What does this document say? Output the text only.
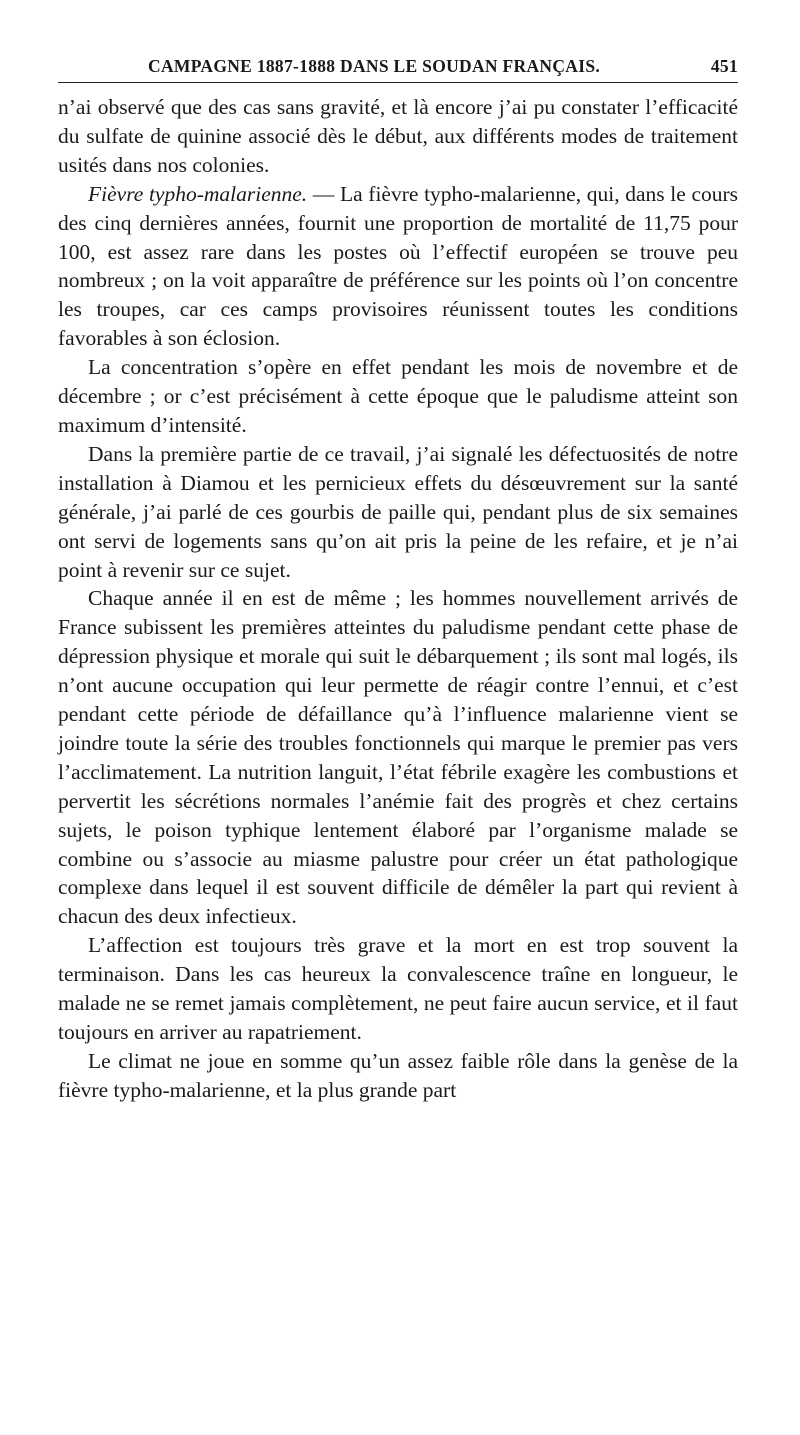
CAMPAGNE 1887-1888 DANS LE SOUDAN FRANÇAIS.	451

n’ai observé que des cas sans gravité, et là encore j’ai pu constater l’efficacité du sulfate de quinine associé dès le début, aux différents modes de traitement usités dans nos colonies.

Fièvre typho-malarienne. — La fièvre typho-malarienne, qui, dans le cours des cinq dernières années, fournit une proportion de mortalité de 11,75 pour 100, est assez rare dans les postes où l’effectif européen se trouve peu nombreux ; on la voit apparaître de préférence sur les points où l’on concentre les troupes, car ces camps provisoires réunissent toutes les conditions favorables à son éclosion.

La concentration s’opère en effet pendant les mois de novembre et de décembre ; or c’est précisément à cette époque que le paludisme atteint son maximum d’intensité.

Dans la première partie de ce travail, j’ai signalé les défectuosités de notre installation à Diamou et les pernicieux effets du désœuvrement sur la santé générale, j’ai parlé de ces gourbis de paille qui, pendant plus de six semaines ont servi de logements sans qu’on ait pris la peine de les refaire, et je n’ai point à revenir sur ce sujet.

Chaque année il en est de même ; les hommes nouvellement arrivés de France subissent les premières atteintes du paludisme pendant cette phase de dépression physique et morale qui suit le débarquement ; ils sont mal logés, ils n’ont aucune occupation qui leur permette de réagir contre l’ennui, et c’est pendant cette période de défaillance qu’à l’influence malarienne vient se joindre toute la série des troubles fonctionnels qui marque le premier pas vers l’acclimatement. La nutrition languit, l’état fébrile exagère les combustions et pervertit les sécrétions normales l’anémie fait des progrès et chez certains sujets, le poison typhique lentement élaboré par l’organisme malade se combine ou s’associe au miasme palustre pour créer un état pathologique complexe dans lequel il est souvent difficile de démêler la part qui revient à chacun des deux infectieux.

L’affection est toujours très grave et la mort en est trop souvent la terminaison. Dans les cas heureux la convalescence traîne en longueur, le malade ne se remet jamais complètement, ne peut faire aucun service, et il faut toujours en arriver au rapatriement.

Le climat ne joue en somme qu’un assez faible rôle dans la genèse de la fièvre typho-malarienne, et la plus grande part
